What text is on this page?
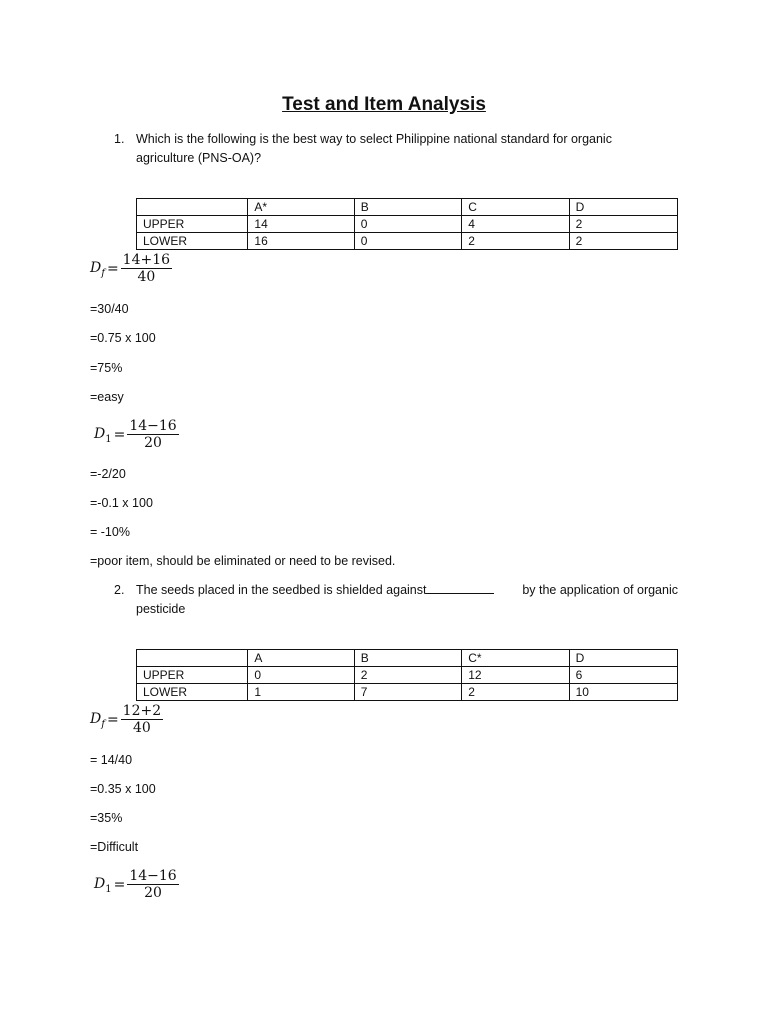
Test and Item Analysis
1. Which is the following is the best way to select Philippine national standard for organic
agriculture (PNS-OA)?
	A*	B	C	D
UPPER	14	0	4	2
LOWER	16	0	2	2
$D_f = \frac{14+16}{40}$
=30/40
=0.75 x 100
=75%
=easy
$D_1 = \frac{14-16}{20}$
=-2/20
=-0.1 x 100
= -10%
=poor item, should be eliminated or need to be revised.
2. The seeds placed in the seedbed is shielded against	by the application of organic
pesticide
	A	B	C*	D
UPPER	0	2	12	6
LOWER	1	7	2	10
$D_f = \frac{12+2}{40}$
= 14/40
=0.35 x 100
=35%
=Difficult
$D_1 = \frac{14-16}{20}$
